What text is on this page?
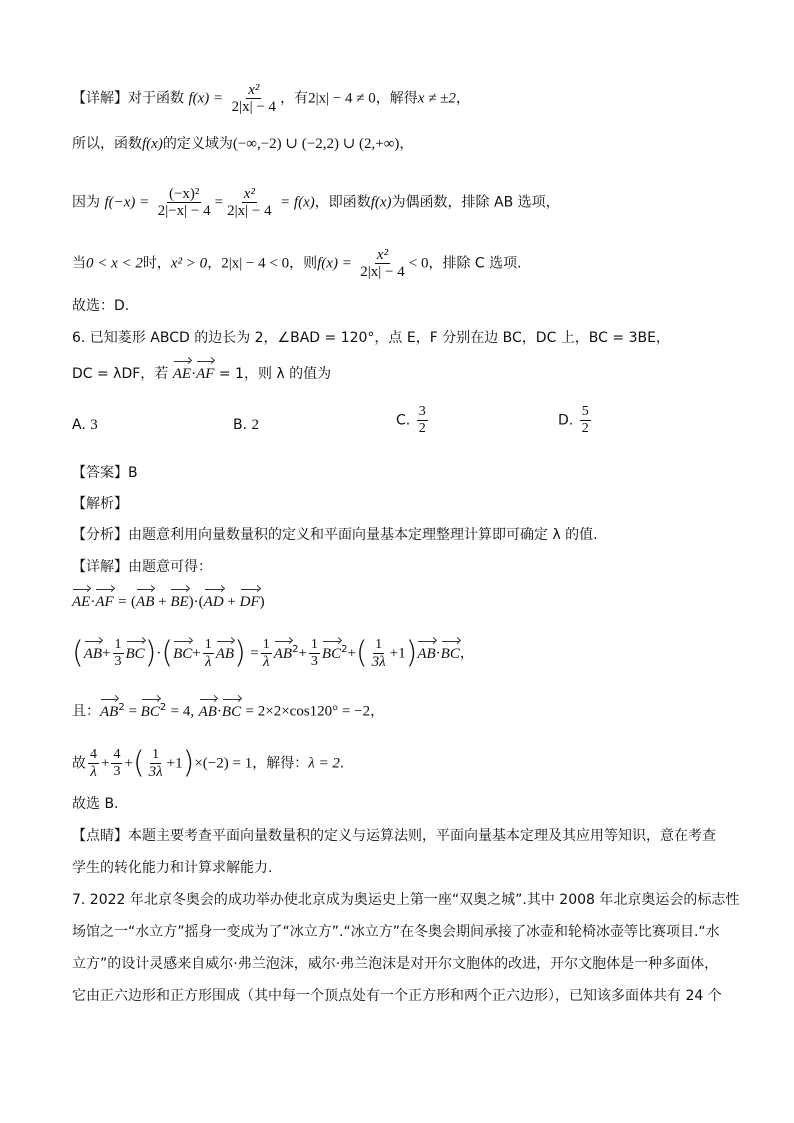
【详解】对于函数 $f(x) = \frac{\text{x²}}{2|x| - 4}$ ，有2|x| − 4 ≠ 0，解得x ≠ ±2，
所以，函数f(x)的定义域为(−∞,−2) ∪ (−2,2) ∪ (2,+∞)，
因为 $f(-x) = \frac{\text{(−x)²}}{2|-x| - 4} = \frac{\text{x²}}{2|x| - 4} = f(x)$，即函数f(x)为偶函数，排除 AB 选项，
当0 < x < 2时，x² > 0，2|x| − 4 < 0，则$f(x) = \frac{\text{x²}}{2|x| - 4} < 0$，排除 C 选项.
故选：D.
6. 已知菱形 ABCD 的边长为 2，∠BAD = 120°，点 E，F 分别在边 BC，DC 上，BC = 3BE，
DC = λDF，若 AE·AF = 1，则 λ 的值为
A. 3	B. 2	C. $\frac{3}{2}$	D. $\frac{5}{2}$
【答案】B
【解析】
【分析】由题意利用向量数量积的定义和平面向量基本定理整理计算即可确定 λ 的值.
【详解】由题意可得：
AE·AF = (AB + BE)·(AD + DF)
$(AB+ \frac{1}{3} BC)\cdot(BC+ \frac{1}{\lambda} AB) = \frac{1}{\lambda} AB^2+ \frac{1}{3} BC^2+( \frac{1}{3\lambda} +1)AB\cdot BC$，
且：$AB^2 = BC^2 = 4$, AB·BC = 2×2×cos120° = −2，
故 $\frac{4}{\lambda} + \frac{4}{3}$ +( $\frac{1}{3\lambda} +1)\times(-2) = 1$，解得：λ = 2.
故选 B.
【点睛】本题主要考查平面向量数量积的定义与运算法则，平面向量基本定理及其应用等知识，意在考查
学生的转化能力和计算求解能力.
7. 2022 年北京冬奥会的成功举办使北京成为奥运史上第一座“双奥之城”.其中 2008 年北京奥运会的标志性
场馆之一“水立方”摇身一变成为了“冰立方”.“冰立方”在冬奥会期间承接了冰壶和轮椅冰壶等比赛项目.“水
立方”的设计灵感来自威尔·弗兰泡沫，威尔·弗兰泡沫是对开尔文胞体的改进，开尔文胞体是一种多面体，
它由正六边形和正方形围成（其中每一个顶点处有一个正方形和两个正六边形），已知该多面体共有 24 个
